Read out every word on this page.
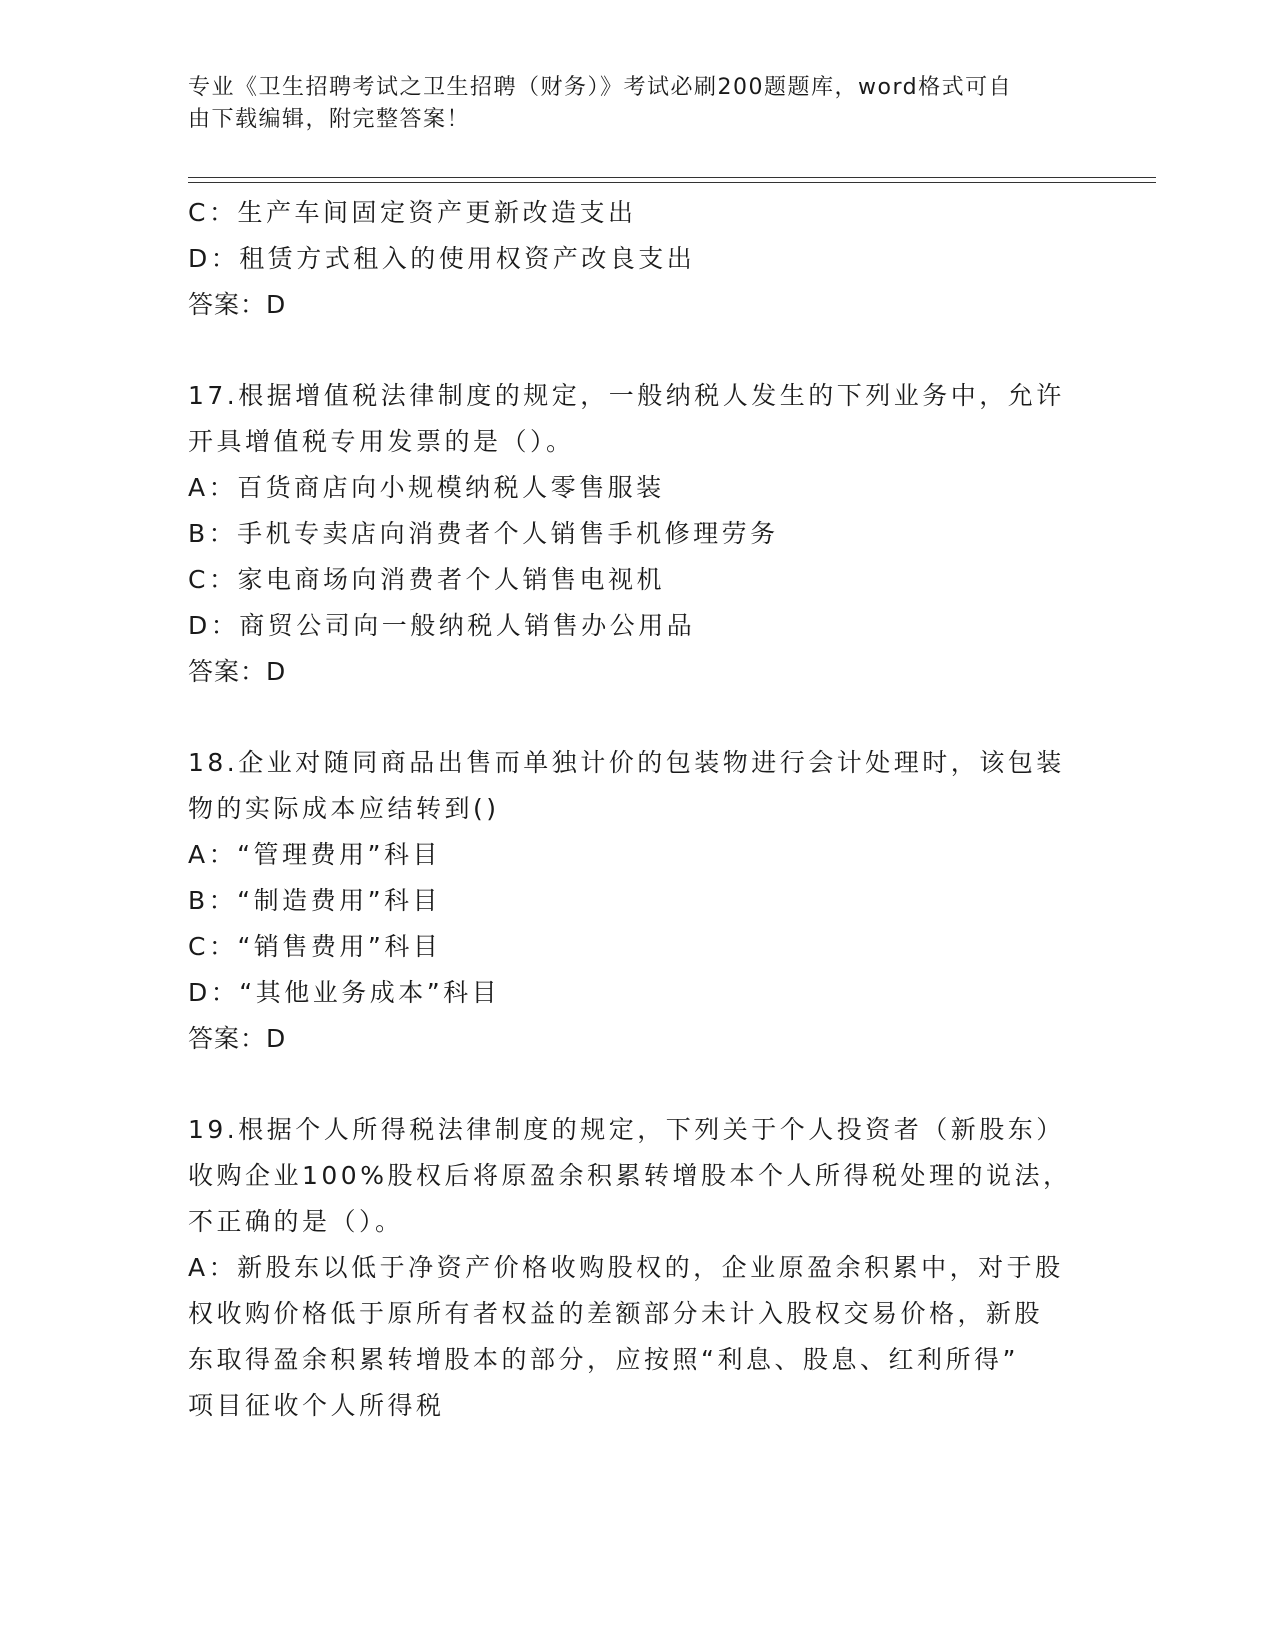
专业《卫生招聘考试之卫生招聘（财务）》考试必刷200题题库，word格式可自
由下载编辑，附完整答案！
C：生产车间固定资产更新改造支出
D：租赁方式租入的使用权资产改良支出
答案：D
17.根据增值税法律制度的规定，一般纳税人发生的下列业务中，允许
开具增值税专用发票的是（）。
A：百货商店向小规模纳税人零售服装
B：手机专卖店向消费者个人销售手机修理劳务
C：家电商场向消费者个人销售电视机
D：商贸公司向一般纳税人销售办公用品
答案：D
18.企业对随同商品出售而单独计价的包装物进行会计处理时，该包装
物的实际成本应结转到()
A：“管理费用”科目
B：“制造费用”科目
C：“销售费用”科目
D：“其他业务成本”科目
答案：D
19.根据个人所得税法律制度的规定，下列关于个人投资者（新股东）
收购企业100%股权后将原盈余积累转增股本个人所得税处理的说法，
不正确的是（）。
A：新股东以低于净资产价格收购股权的，企业原盈余积累中，对于股
权收购价格低于原所有者权益的差额部分未计入股权交易价格，新股
东取得盈余积累转增股本的部分，应按照“利息、股息、红利所得”
项目征收个人所得税
